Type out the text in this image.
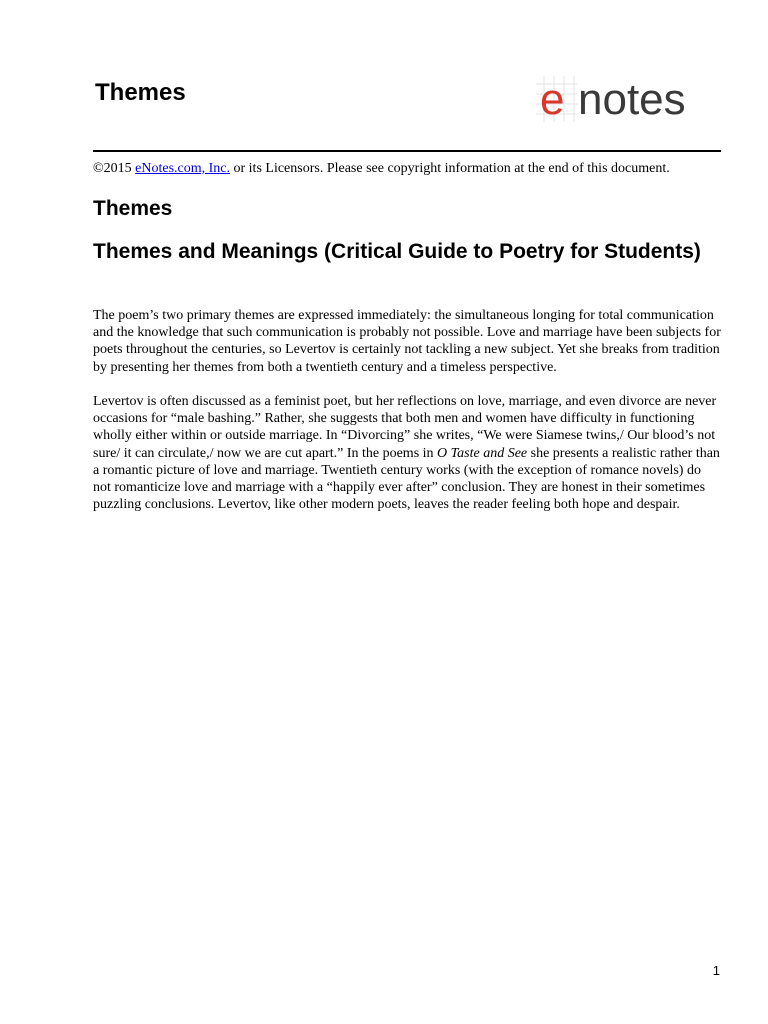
Themes	e notes

©2015 eNotes.com, Inc. or its Licensors. Please see copyright information at the end of this document.

Themes
Themes and Meanings (Critical Guide to Poetry for Students)

The poem’s two primary themes are expressed immediately: the simultaneous longing for total communication and the knowledge that such communication is probably not possible. Love and marriage have been subjects for poets throughout the centuries, so Levertov is certainly not tackling a new subject. Yet she breaks from tradition by presenting her themes from both a twentieth century and a timeless perspective.

Levertov is often discussed as a feminist poet, but her reflections on love, marriage, and even divorce are never occasions for “male bashing.” Rather, she suggests that both men and women have difficulty in functioning wholly either within or outside marriage. In “Divorcing” she writes, “We were Siamese twins,/ Our blood’s not sure/ it can circulate,/ now we are cut apart.” In the poems in O Taste and See she presents a realistic rather than a romantic picture of love and marriage. Twentieth century works (with the exception of romance novels) do not romanticize love and marriage with a “happily ever after” conclusion. They are honest in their sometimes puzzling conclusions. Levertov, like other modern poets, leaves the reader feeling both hope and despair.

1
